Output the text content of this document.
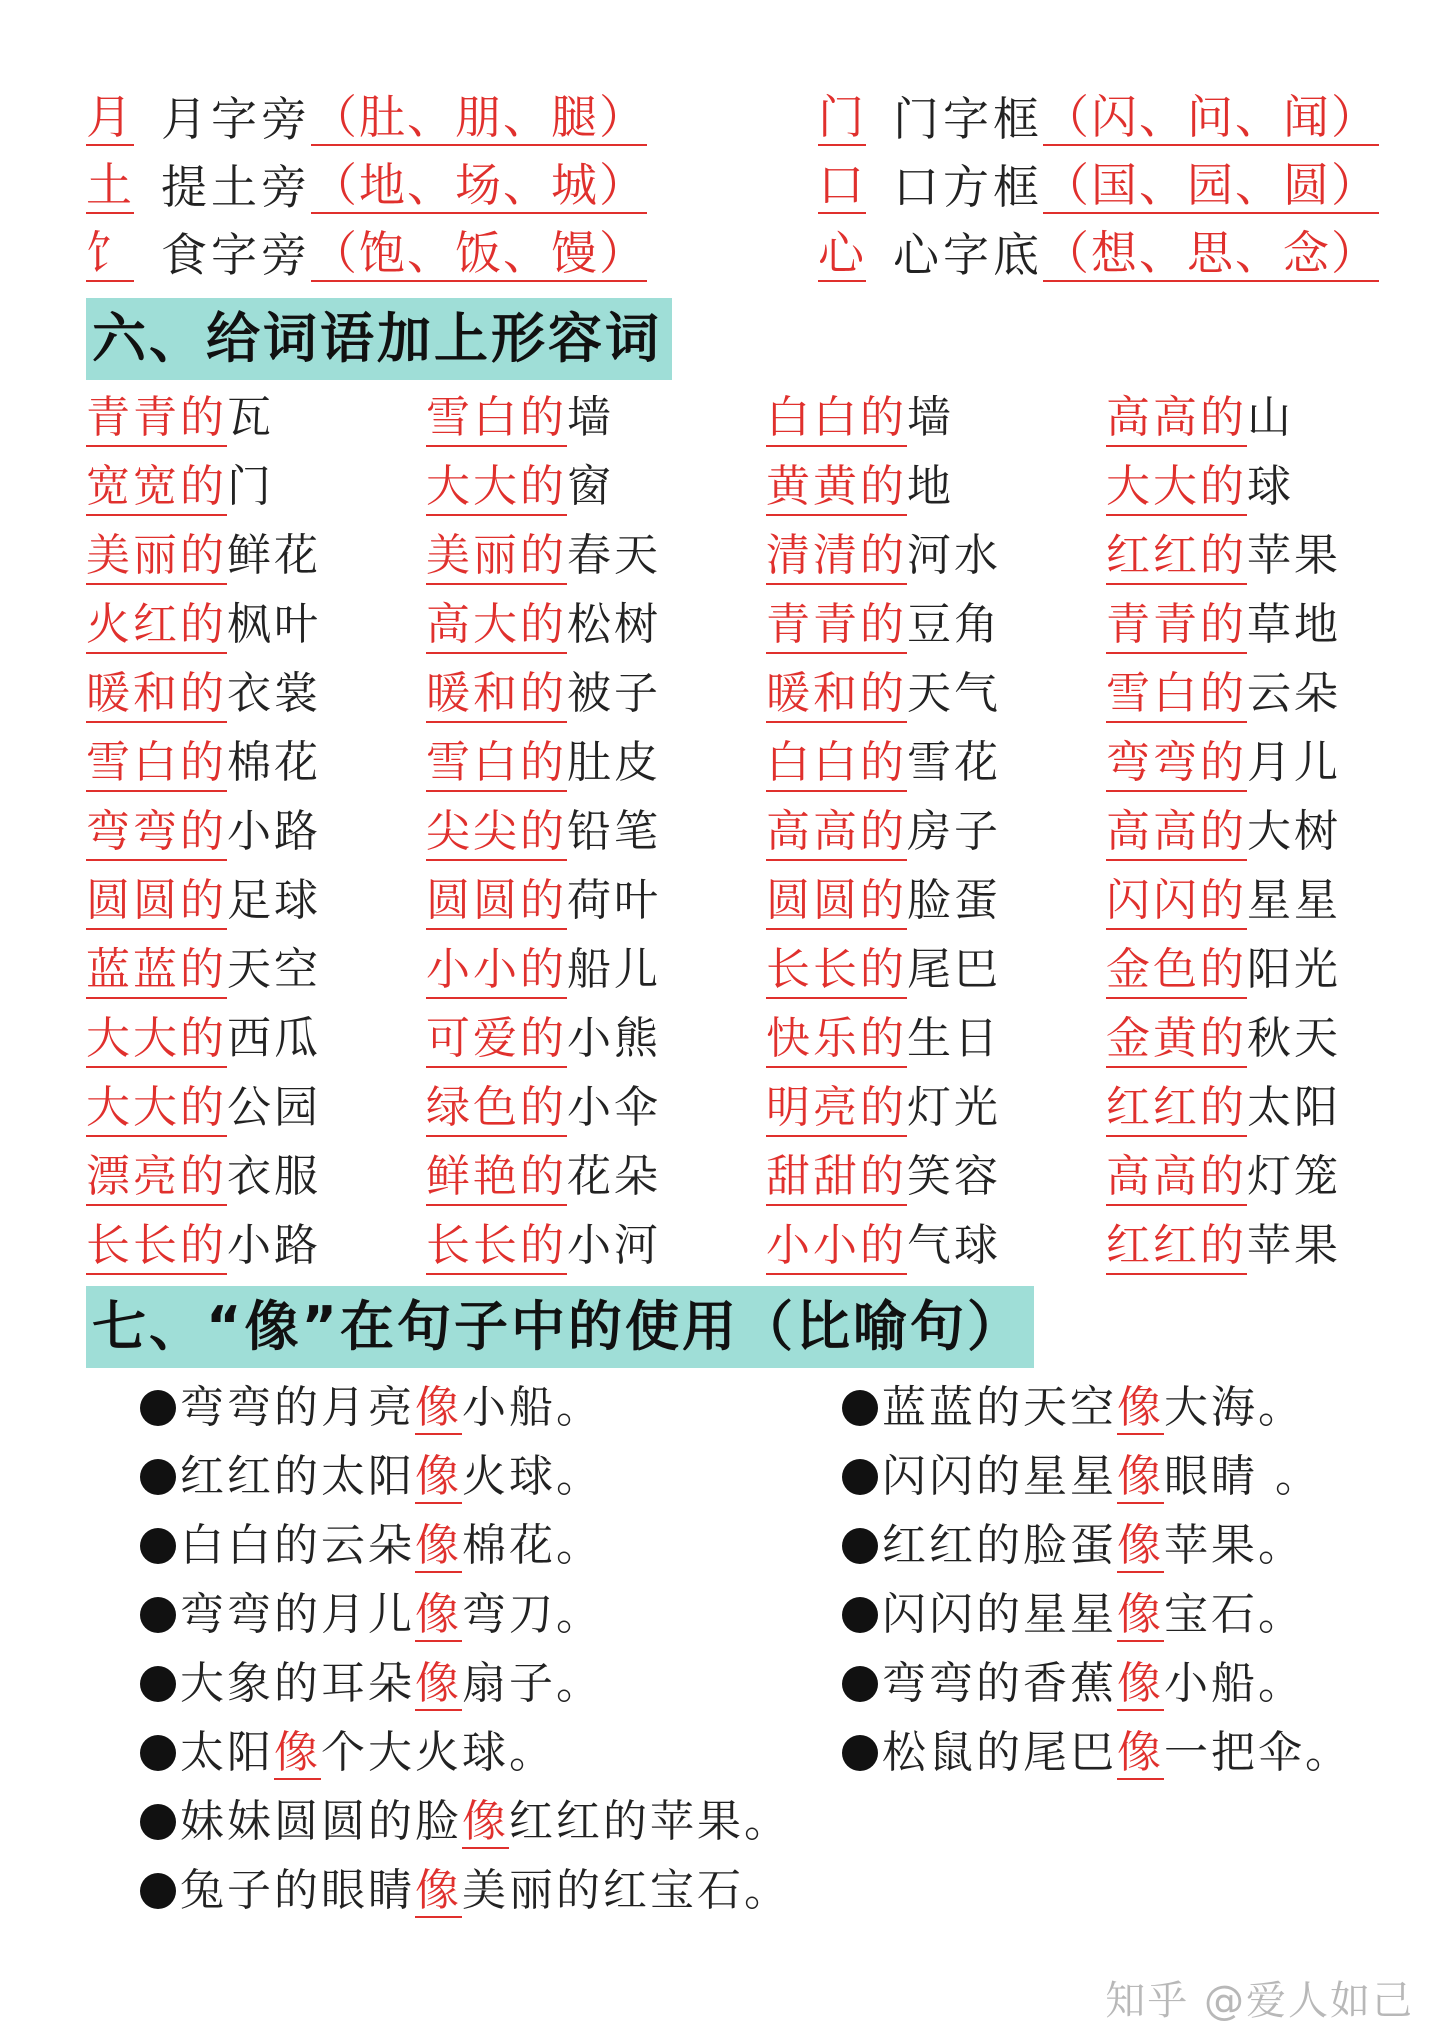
月 月字旁 （肚、朋、腿）	门 门字框 （闪、问、闻）
土 提土旁 （地、场、城）	口 口方框 （国、园、圆）
饣 食字旁 （饱、饭、馒）	心 心字底 （想、思、念）
六、给词语加上形容词
青青的瓦	雪白的墙	白白的墙	高高的山
宽宽的门	大大的窗	黄黄的地	大大的球
美丽的鲜花 美丽的春天 清清的河水 红红的苹果
火红的枫叶 高大的松树 青青的豆角 青青的草地
暖和的衣裳 暖和的被子 暖和的天气 雪白的云朵
雪白的棉花 雪白的肚皮 白白的雪花 弯弯的月儿
弯弯的小路 尖尖的铅笔 高高的房子 高高的大树
圆圆的足球 圆圆的荷叶 圆圆的脸蛋 闪闪的星星
蓝蓝的天空 小小的船儿 长长的尾巴 金色的阳光
大大的西瓜 可爱的小熊 快乐的生日 金黄的秋天
大大的公园 绿色的小伞 明亮的灯光 红红的太阳
漂亮的衣服 鲜艳的花朵 甜甜的笑容 高高的灯笼
长长的小路 长长的小河 小小的气球 红红的苹果
七、“像”在句子中的使用（比喻句）
弯弯的月亮像小船。
红红的太阳像火球。
白白的云朵像棉花。
弯弯的月儿像弯刀。
大象的耳朵像扇子。
太阳像个大火球。
妹妹圆圆的脸像红红的苹果。
兔子的眼睛像美丽的红宝石。
蓝蓝的天空像大海。
闪闪的星星像眼睛 。
红红的脸蛋像苹果。
闪闪的星星像宝石。
弯弯的香蕉像小船。
松鼠的尾巴像一把伞。
知乎 @爱人如己
